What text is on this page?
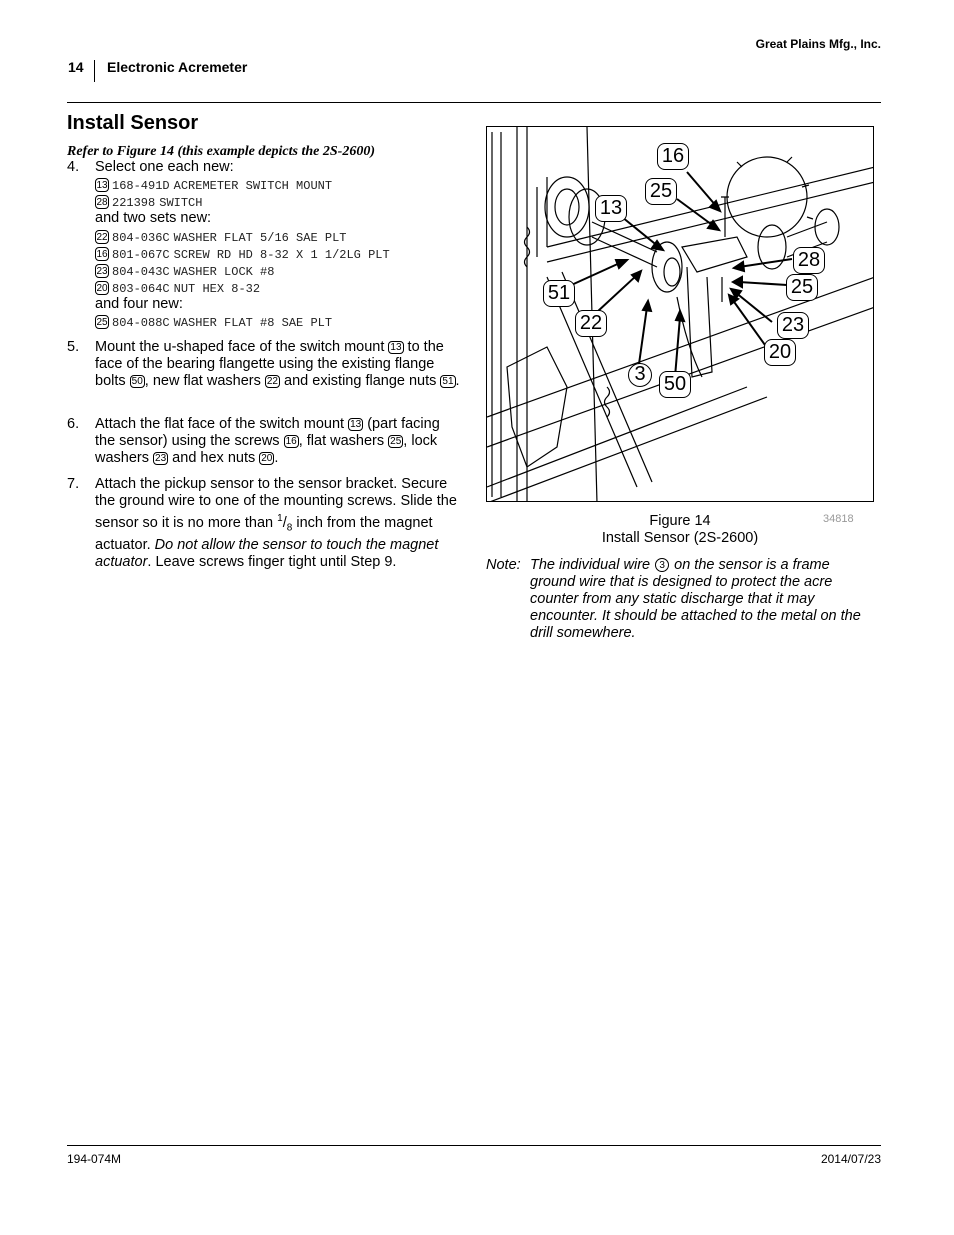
Great Plains Mfg., Inc.
14 Electronic Acremeter
Install Sensor
Refer to Figure 14 (this example depicts the 2S-2600)
4. Select one each new:
13 168-491D ACREMETER SWITCH MOUNT
28 221398 SWITCH
and two sets new:
22 804-036C WASHER FLAT 5/16 SAE PLT
16 801-067C SCREW RD HD 8-32 X 1 1/2LG PLT
23 804-043C WASHER LOCK #8
20 803-064C NUT HEX 8-32
and four new:
25 804-088C WASHER FLAT #8 SAE PLT
5. Mount the u-shaped face of the switch mount 13 to the face of the bearing flangette using the existing flange bolts 50 , new flat washers 22 and existing flange nuts 51 .
6. Attach the flat face of the switch mount 13 (part facing the sensor) using the screws 16 , flat washers 25 , lock washers 23 and hex nuts 20 .
7. Attach the pickup sensor to the sensor bracket. Secure the ground wire to one of the mounting screws. Slide the sensor so it is no more than $^1/_8$ inch from the magnet actuator. Do not allow the sensor to touch the magnet actuator. Leave screws finger tight until Step 9.
16
25
13
28
25
51
22	23
20
3 50
Figure 14
Install Sensor (2S-2600)
34818
Note: The individual wire 3 on the sensor is a frame ground wire that is designed to protect the acre counter from any static discharge that it may encounter. It should be attached to the metal on the drill somewhere.
194-074M	2014/07/23
